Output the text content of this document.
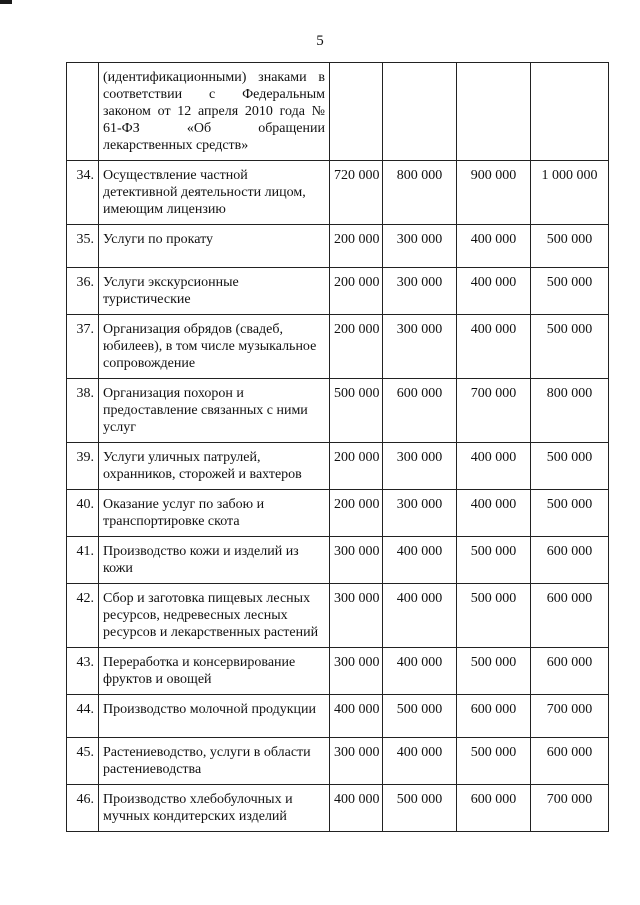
5
	(идентификационными) знаками в соответствии с Федеральным законом от 12 апреля 2010 года № 61-ФЗ «Об обращении лекарственных средств»				
34.	Осуществление частной детективной деятельности лицом, имеющим лицензию	720 000	800 000	900 000	1 000 000
35.	Услуги по прокату	200 000	300 000	400 000	500 000
36.	Услуги экскурсионные туристические	200 000	300 000	400 000	500 000
37.	Организация обрядов (свадеб, юбилеев), в том числе музыкальное сопровождение	200 000	300 000	400 000	500 000
38.	Организация похорон и предоставление связанных с ними услуг	500 000	600 000	700 000	800 000
39.	Услуги уличных патрулей, охранников, сторожей и вахтеров	200 000	300 000	400 000	500 000
40.	Оказание услуг по забою и транспортировке скота	200 000	300 000	400 000	500 000
41.	Производство кожи и изделий из кожи	300 000	400 000	500 000	600 000
42.	Сбор и заготовка пищевых лесных ресурсов, недревесных лесных ресурсов и лекарственных растений	300 000	400 000	500 000	600 000
43.	Переработка и консервирование фруктов и овощей	300 000	400 000	500 000	600 000
44.	Производство молочной продукции	400 000	500 000	600 000	700 000
45.	Растениеводство, услуги в области растениеводства	300 000	400 000	500 000	600 000
46.	Производство хлебобулочных и мучных кондитерских изделий	400 000	500 000	600 000	700 000
